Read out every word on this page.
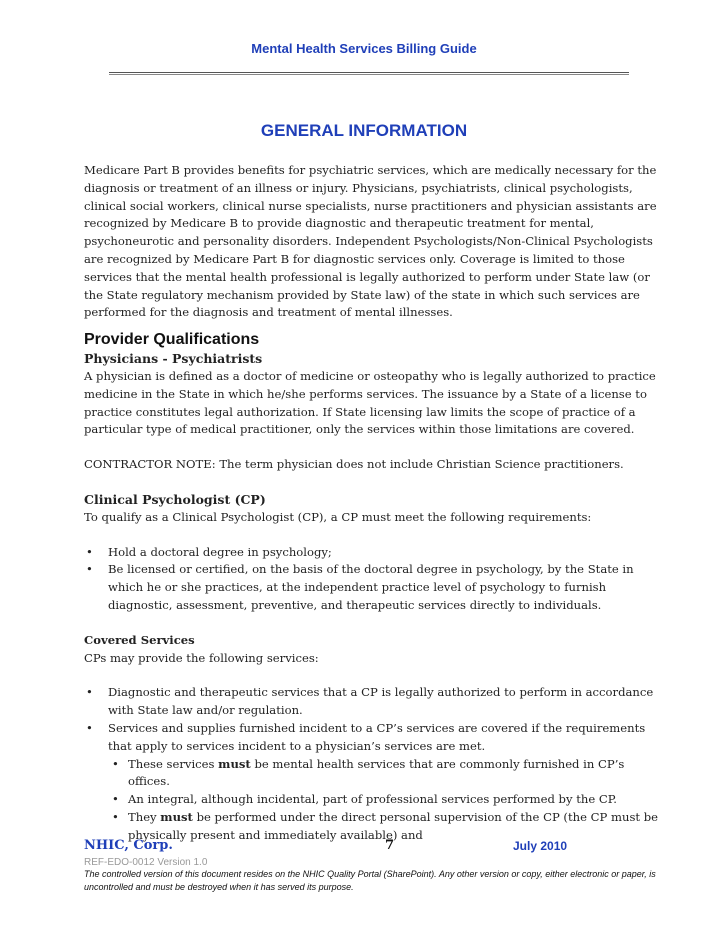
Mental Health Services Billing Guide
GENERAL INFORMATION

Medicare Part B provides benefits for psychiatric services, which are medically necessary for the diagnosis or treatment of an illness or injury. Physicians, psychiatrists, clinical psychologists, clinical social workers, clinical nurse specialists, nurse practitioners and physician assistants are recognized by Medicare B to provide diagnostic and therapeutic treatment for mental, psychoneurotic and personality disorders. Independent Psychologists/Non-Clinical Psychologists are recognized by Medicare Part B for diagnostic services only. Coverage is limited to those services that the mental health professional is legally authorized to perform under State law (or the State regulatory mechanism provided by State law) of the state in which such services are performed for the diagnosis and treatment of mental illnesses.

Provider Qualifications

Physicians - Psychiatrists

A physician is defined as a doctor of medicine or osteopathy who is legally authorized to practice medicine in the State in which he/she performs services. The issuance by a State of a license to practice constitutes legal authorization. If State licensing law limits the scope of practice of a particular type of medical practitioner, only the services within those limitations are covered.

CONTRACTOR NOTE: The term physician does not include Christian Science practitioners.

Clinical Psychologist (CP)

To qualify as a Clinical Psychologist (CP), a CP must meet the following requirements:

• Hold a doctoral degree in psychology;
• Be licensed or certified, on the basis of the doctoral degree in psychology, by the State in which he or she practices, at the independent practice level of psychology to furnish diagnostic, assessment, preventive, and therapeutic services directly to individuals.

Covered Services

CPs may provide the following services:

• Diagnostic and therapeutic services that a CP is legally authorized to perform in accordance with State law and/or regulation.
• Services and supplies furnished incident to a CP’s services are covered if the requirements that apply to services incident to a physician’s services are met.
• These services must be mental health services that are commonly furnished in CP’s offices.
• An integral, although incidental, part of professional services performed by the CP.
• They must be performed under the direct personal supervision of the CP (the CP must be physically present and immediately available) and
NHIC, Corp.	7	July 2010
REF-EDO-0012 Version 1.0
The controlled version of this document resides on the NHIC Quality Portal (SharePoint). Any other version or copy, either electronic or paper, is uncontrolled and must be destroyed when it has served its purpose.
